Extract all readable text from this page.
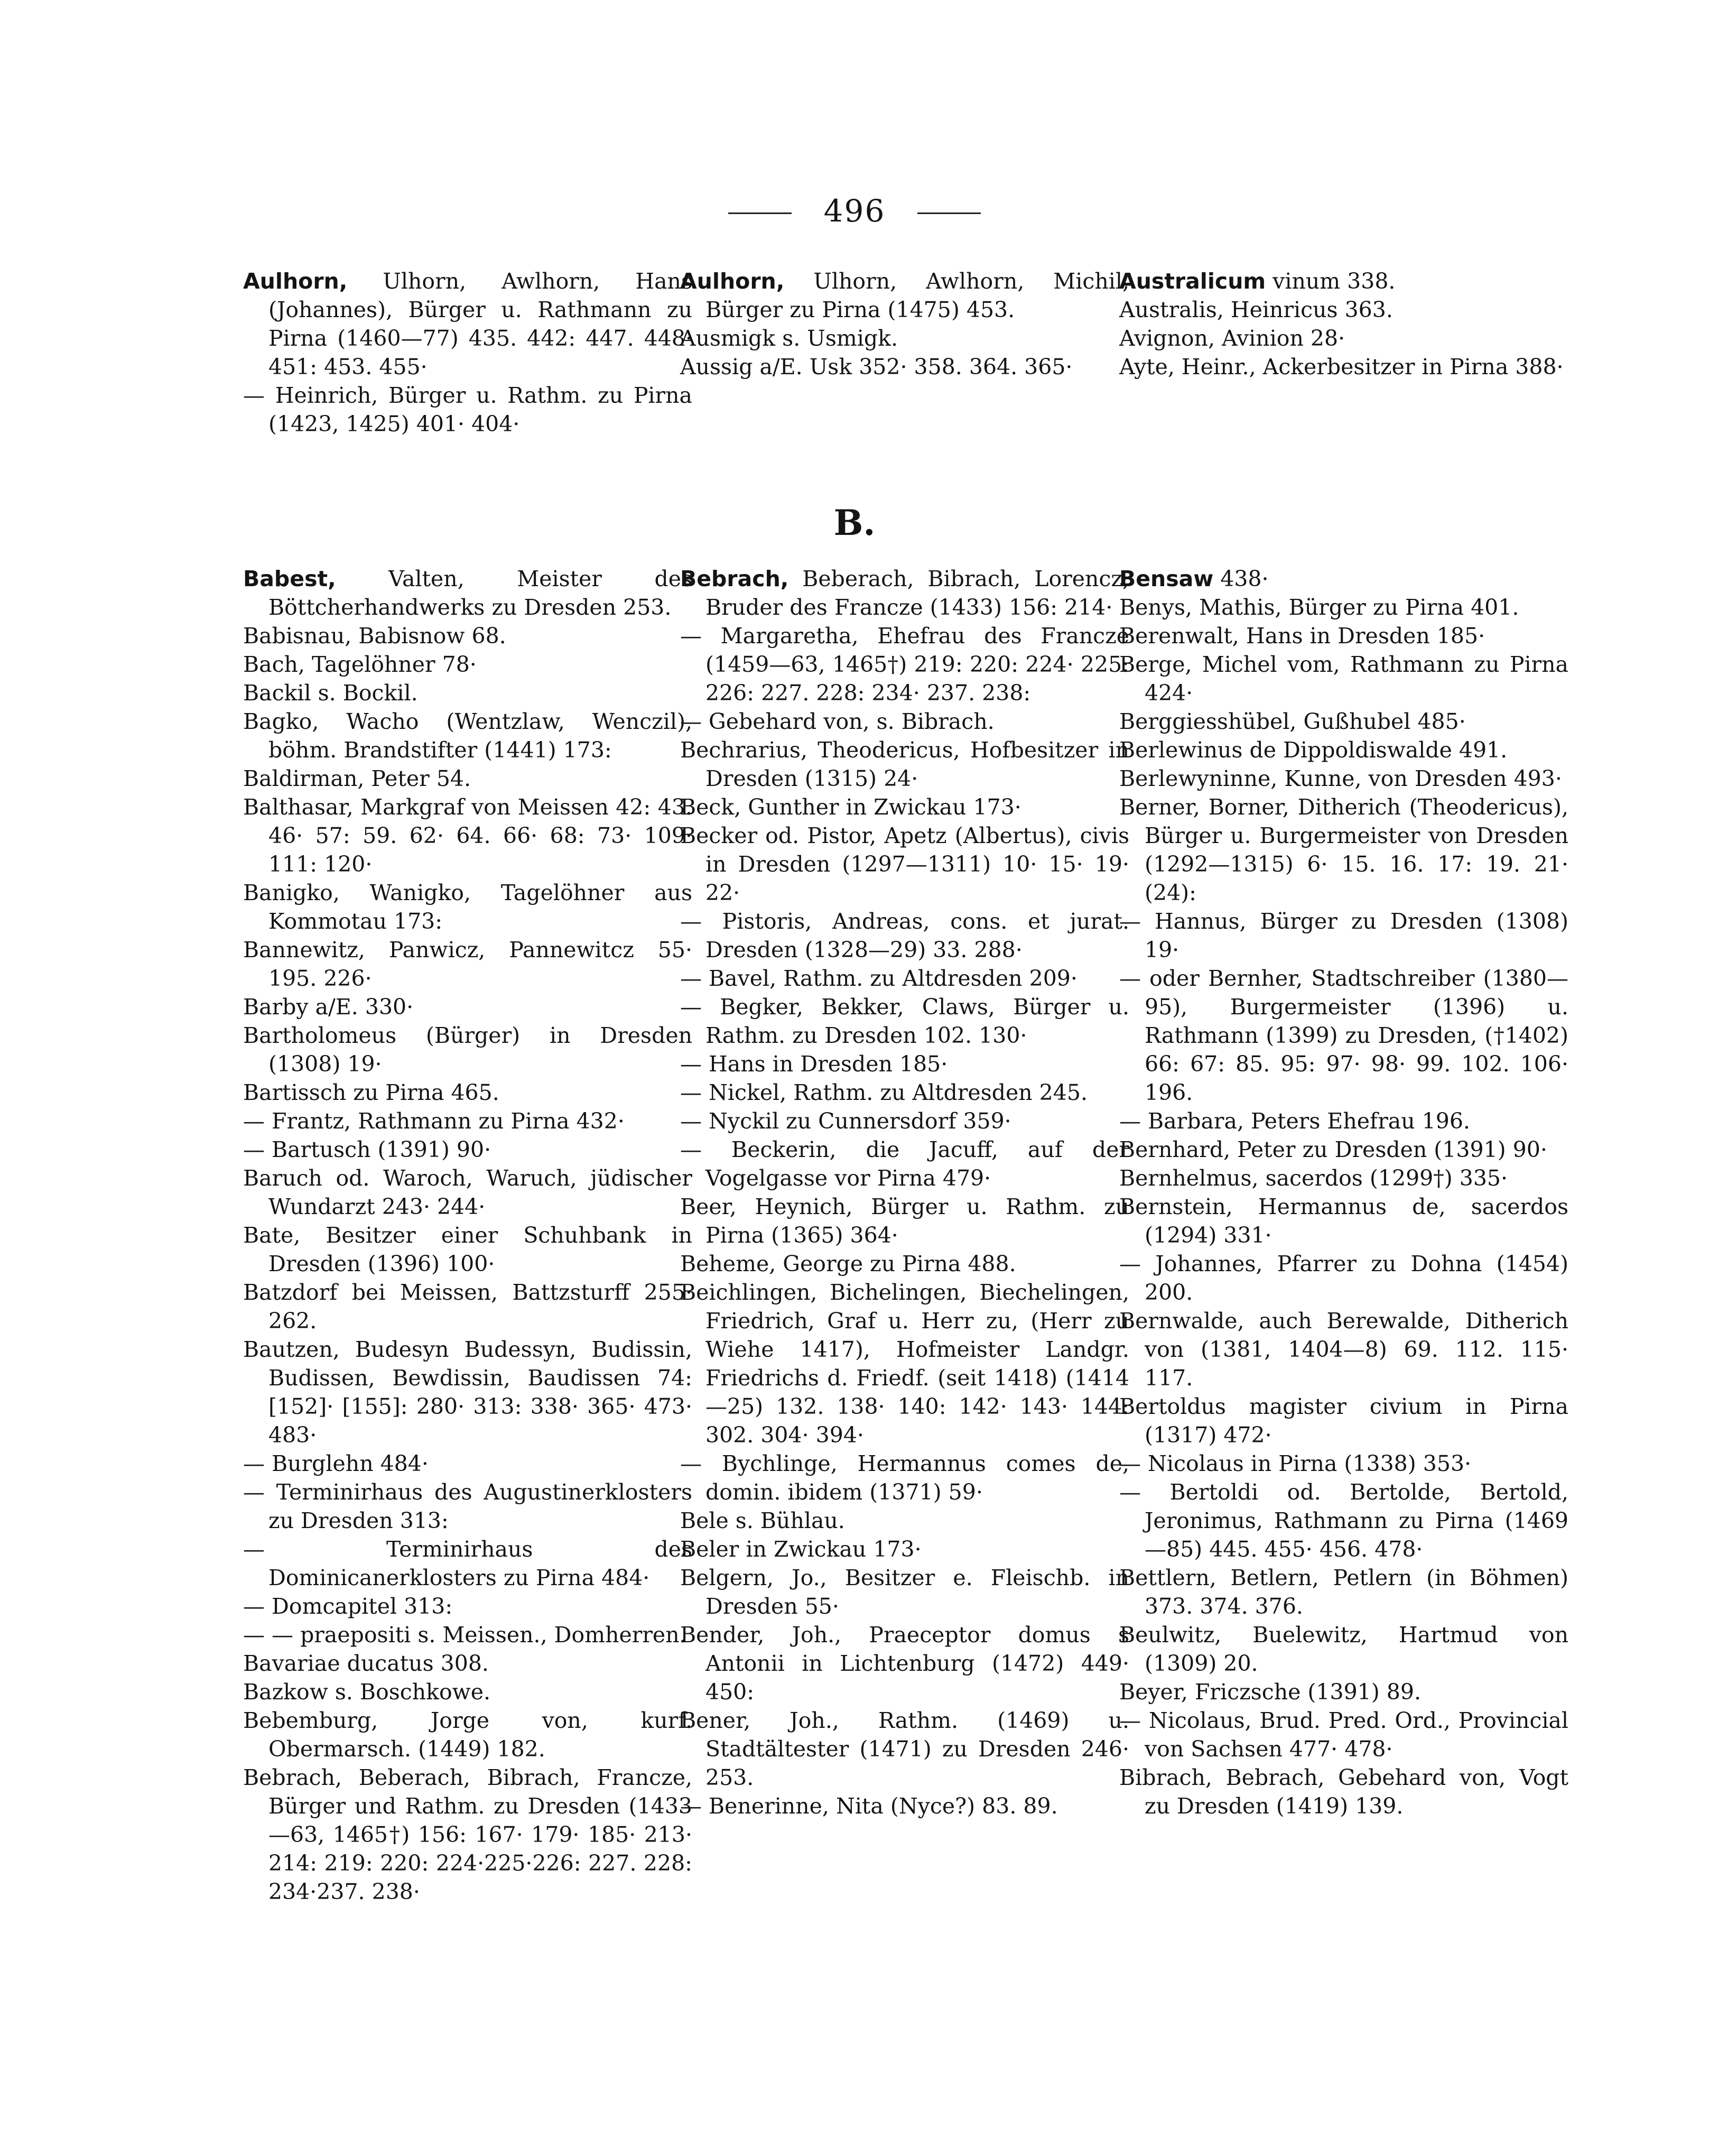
496

Aulhorn, Ulhorn, Awlhorn, Hans (Johannes), Bürger u. Rathmann zu Pirna (1460—77) 435. 442: 447. 448· 451: 453. 455·

— Heinrich, Bürger u. Rathm. zu Pirna (1423, 1425) 401· 404·

Aulhorn, Ulhorn, Awlhorn, Michil, Bürger zu Pirna (1475) 453.

Ausmigk s. Usmigk.

Aussig a/E. Usk 352· 358. 364. 365·

Australicum vinum 338.

Australis, Heinricus 363.

Avignon, Avinion 28·

Ayte, Heinr., Ackerbesitzer in Pirna 388·

B.

Babest, Valten, Meister des Böttcherhandwerks zu Dresden 253.

Babisnau, Babisnow 68.

Bach, Tagelöhner 78·

Backil s. Bockil.

Bagko, Wacho (Wentzlaw, Wenczil), böhm. Brandstifter (1441) 173:

Baldirman, Peter 54.

Balthasar, Markgraf von Meissen 42: 43. 46· 57: 59. 62· 64. 66· 68: 73· 109· 111: 120·

Banigko, Wanigko, Tagelöhner aus Kommotau 173:

Bannewitz, Panwicz, Pannewitcz 55· 195. 226·

Barby a/E. 330·

Bartholomeus (Bürger) in Dresden (1308) 19·

Bartissch zu Pirna 465.

— Frantz, Rathmann zu Pirna 432·

— Bartusch (1391) 90·

Baruch od. Waroch, Waruch, jüdischer Wundarzt 243· 244·

Bate, Besitzer einer Schuhbank in Dresden (1396) 100·

Batzdorf bei Meissen, Battzsturff 255· 262.

Bautzen, Budesyn Budessyn, Budissin, Budissen, Bewdissin, Baudissen 74: [152]· [155]: 280· 313: 338· 365· 473· 483·

— Burglehn 484·

— Terminirhaus des Augustinerklosters zu Dresden 313:

— Terminirhaus des Dominicanerklosters zu Pirna 484·

— Domcapitel 313:

— — praepositi s. Meissen., Domherren.

Bavariae ducatus 308.

Bazkow s. Boschkowe.

Bebemburg, Jorge von, kurf. Obermarsch. (1449) 182.

Bebrach, Beberach, Bibrach, Francze, Bürger und Rathm. zu Dresden (1433—63, 1465†) 156: 167· 179· 185· 213· 214: 219: 220: 224·225·226: 227. 228: 234·237. 238·

Bebrach, Beberach, Bibrach, Lorencz, Bruder des Francze (1433) 156: 214·

— Margaretha, Ehefrau des Francze (1459—63, 1465†) 219: 220: 224· 225: 226: 227. 228: 234· 237. 238:

— Gebehard von, s. Bibrach.

Bechrarius, Theodericus, Hofbesitzer in Dresden (1315) 24·

Beck, Gunther in Zwickau 173·

Becker od. Pistor, Apetz (Albertus), civis in Dresden (1297—1311) 10· 15· 19· 22·

— Pistoris, Andreas, cons. et jurat. Dresden (1328—29) 33. 288·

— Bavel, Rathm. zu Altdresden 209·

— Begker, Bekker, Claws, Bürger u. Rathm. zu Dresden 102. 130·

— Hans in Dresden 185·

— Nickel, Rathm. zu Altdresden 245.

— Nyckil zu Cunnersdorf 359·

— Beckerin, die Jacuff, auf der Vogelgasse vor Pirna 479·

Beer, Heynich, Bürger u. Rathm. zu Pirna (1365) 364·

Beheme, George zu Pirna 488.

Beichlingen, Bichelingen, Biechelingen, Friedrich, Graf u. Herr zu, (Herr zu Wiehe 1417), Hofmeister Landgr. Friedrichs d. Friedf. (seit 1418) (1414—25) 132. 138· 140: 142· 143· 144: 302. 304· 394·

— Bychlinge, Hermannus comes de, domin. ibidem (1371) 59·

Bele s. Bühlau.

Beler in Zwickau 173·

Belgern, Jo., Besitzer e. Fleischb. in Dresden 55·

Bender, Joh., Praeceptor domus s Antonii in Lichtenburg (1472) 449· 450:

Bener, Joh., Rathm. (1469) u. Stadtältester (1471) zu Dresden 246· 253.

— Benerinne, Nita (Nyce?) 83. 89.

Bensaw 438·

Benys, Mathis, Bürger zu Pirna 401.

Berenwalt, Hans in Dresden 185·

Berge, Michel vom, Rathmann zu Pirna 424·

Berggiesshübel, Gußhubel 485·

Berlewinus de Dippoldiswalde 491.

Berlewyninne, Kunne, von Dresden 493·

Berner, Borner, Ditherich (Theodericus), Bürger u. Burgermeister von Dresden (1292—1315) 6· 15. 16. 17: 19. 21· (24):

— Hannus, Bürger zu Dresden (1308) 19·

— oder Bernher, Stadtschreiber (1380—95), Burgermeister (1396) u. Rathmann (1399) zu Dresden, (†1402) 66: 67: 85. 95: 97· 98· 99. 102. 106· 196.

— Barbara, Peters Ehefrau 196.

Bernhard, Peter zu Dresden (1391) 90·

Bernhelmus, sacerdos (1299†) 335·

Bernstein, Hermannus de, sacerdos (1294) 331·

— Johannes, Pfarrer zu Dohna (1454) 200.

Bernwalde, auch Berewalde, Ditherich von (1381, 1404—8) 69. 112. 115· 117.

Bertoldus magister civium in Pirna (1317) 472·

— Nicolaus in Pirna (1338) 353·

— Bertoldi od. Bertolde, Bertold, Jeronimus, Rathmann zu Pirna (1469—85) 445. 455· 456. 478·

Bettlern, Betlern, Petlern (in Böhmen) 373. 374. 376.

Beulwitz, Buelewitz, Hartmud von (1309) 20.

Beyer, Friczsche (1391) 89.

— Nicolaus, Brud. Pred. Ord., Provincial von Sachsen 477· 478·

Bibrach, Bebrach, Gebehard von, Vogt zu Dresden (1419) 139.
